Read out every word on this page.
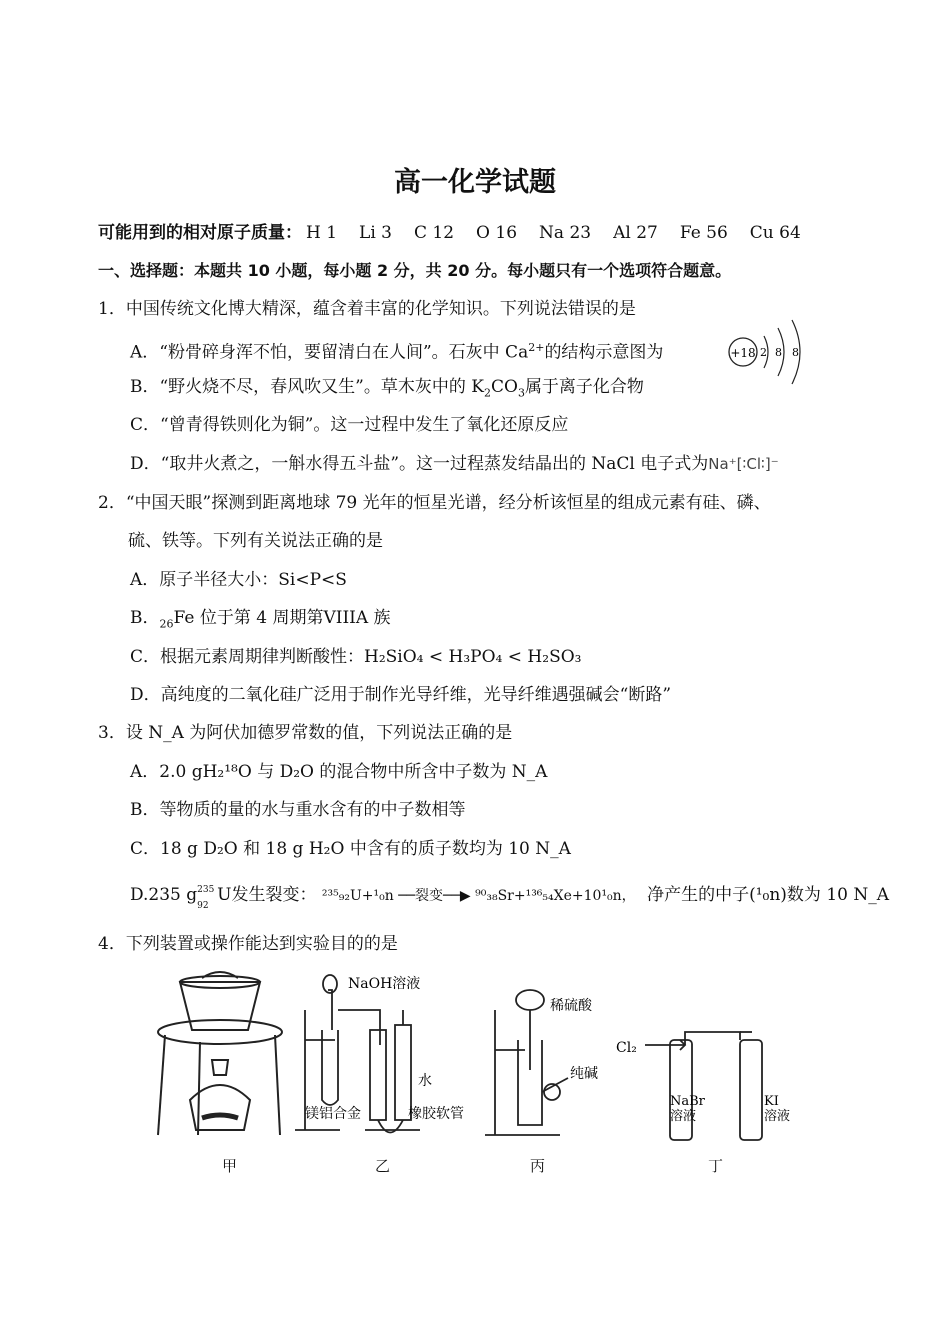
高一化学试题
可能用到的相对原子质量： H 1 Li 3 C 12 O 16 Na 23 Al 27 Fe 56 Cu 64
一、选择题：本题共 10 小题，每小题 2 分，共 20 分。每小题只有一个选项符合题意。
1．中国传统文化博大精深，蕴含着丰富的化学知识。下列说法错误的是
A．“粉骨碎身浑不怕，要留清白在人间”。石灰中 $Ca^{2+}$的结构示意图为	+18 2 8 8
B．“野火烧不尽，春风吹又生”。草木灰中的 $K_2CO_3$属于离子化合物
C．“曾青得铁则化为铜”。这一过程中发生了氧化还原反应
D．“取井火煮之，一斛水得五斗盐”。这一过程蒸发结晶出的 NaCl 电子式为Na⁺[∶Cl∶]⁻
2．“中国天眼”探测到距离地球 79 光年的恒星光谱，经分析该恒星的组成元素有硅、磷、
硫、铁等。下列有关说法正确的是
A．原子半径大小：Si<P<S
B．$_{26}$Fe 位于第 4 周期第VIIIA 族
C．根据元素周期律判断酸性：H₂SiO₄ < H₃PO₄ < H₂SO₃
D．高纯度的二氧化硅广泛用于制作光导纤维，光导纤维遇强碱会“断路”
3．设 N_A 为阿伏加德罗常数的值，下列说法正确的是
A．2.0 gH₂¹⁸O 与 D₂O 的混合物中所含中子数为 N_A
B．等物质的量的水与重水含有的中子数相等
C．18 g D₂O 和 18 g H₂O 中含有的质子数均为 10 N_A
D.235 g 235
92
U发生裂变： ²³⁵₉₂U+¹₀n ──裂变──▶ ⁹⁰₃₈Sr+¹³⁶₅₄Xe+10¹₀n， 净产生的中子(¹₀n)数为 10 N_A
4．下列装置或操作能达到实验目的的是
NaOH溶液
水
镁铝合金	橡胶软管
稀硫酸
纯碱
Cl₂
NaBr
溶液
KI
溶液
甲	乙	丙	丁
